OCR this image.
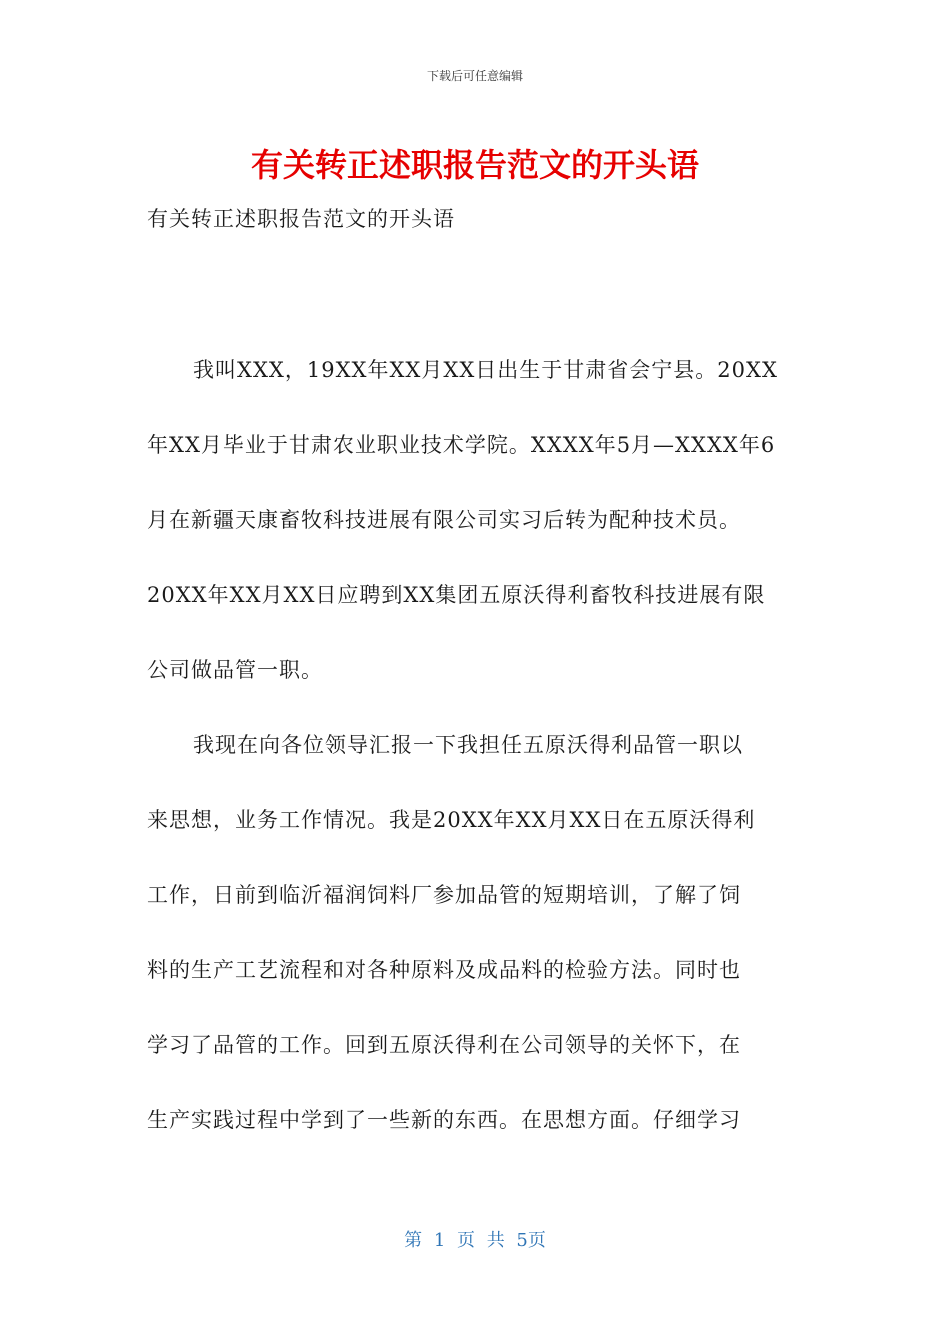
下载后可任意编辑
有关转正述职报告范文的开头语
有关转正述职报告范文的开头语
我叫XXX，19XX年XX月XX日出生于甘肃省会宁县。20XX
年XX月毕业于甘肃农业职业技术学院。XXXX年5月—XXXX年6
月在新疆天康畜牧科技进展有限公司实习后转为配种技术员。
20XX年XX月XX日应聘到XX集团五原沃得利畜牧科技进展有限
公司做品管一职。
我现在向各位领导汇报一下我担任五原沃得利品管一职以
来思想，业务工作情况。我是20XX年XX月XX日在五原沃得利
工作，日前到临沂福润饲料厂参加品管的短期培训，了解了饲
料的生产工艺流程和对各种原料及成品料的检验方法。同时也
学习了品管的工作。回到五原沃得利在公司领导的关怀下，在
生产实践过程中学到了一些新的东西。在思想方面。仔细学习
第 1 页 共 5页
